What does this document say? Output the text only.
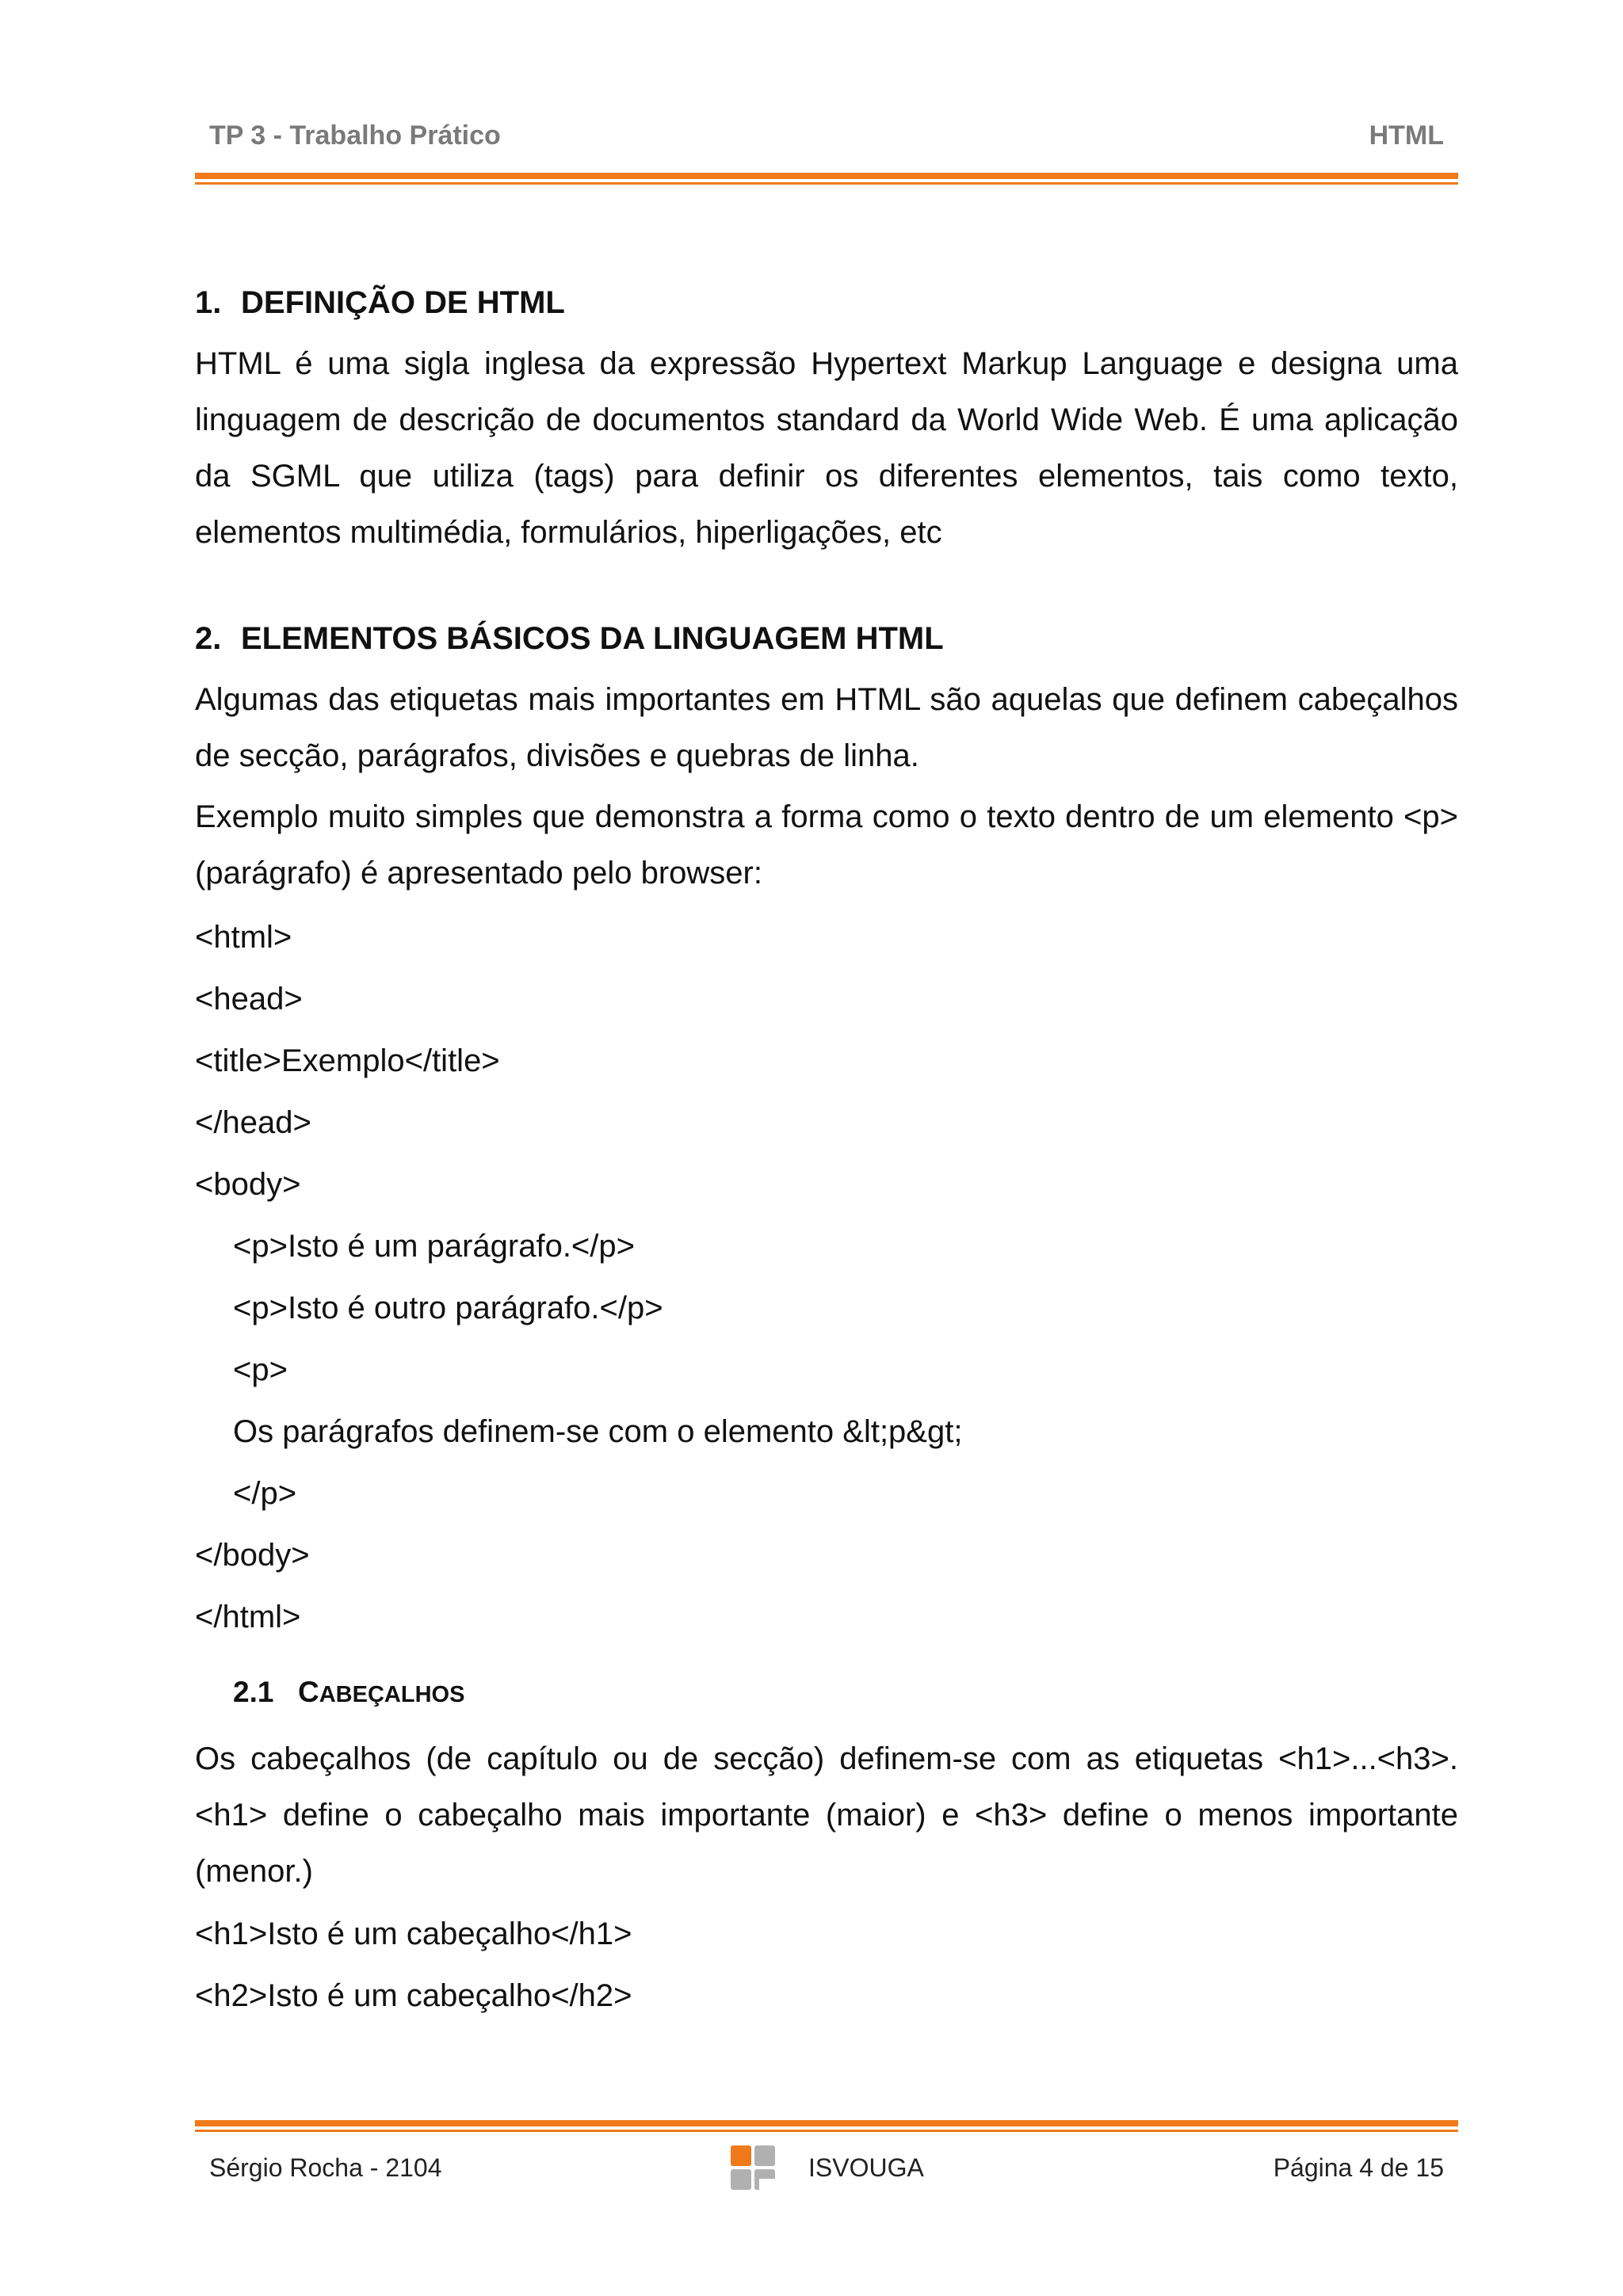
TP 3 - Trabalho Prático	HTML
1. DEFINIÇÃO DE HTML

HTML é uma sigla inglesa da expressão Hypertext Markup Language e designa uma linguagem de descrição de documentos standard da World Wide Web. É uma aplicação da SGML que utiliza (tags) para definir os diferentes elementos, tais como texto, elementos multimédia, formulários, hiperligações, etc

2. ELEMENTOS BÁSICOS DA LINGUAGEM HTML

Algumas das etiquetas mais importantes em HTML são aquelas que definem cabeçalhos de secção, parágrafos, divisões e quebras de linha.

Exemplo muito simples que demonstra a forma como o texto dentro de um elemento <p> (parágrafo) é apresentado pelo browser:

<html>
<head>
<title>Exemplo</title>
</head>
<body>
<p>Isto é um parágrafo.</p>
<p>Isto é outro parágrafo.</p>
<p>
Os parágrafos definem-se com o elemento &lt;p&gt;
</p>
</body>
</html>
2.1 CABEÇALHOS

Os cabeçalhos (de capítulo ou de secção) definem-se com as etiquetas <h1>...<h3>. <h1> define o cabeçalho mais importante (maior) e <h3> define o menos importante (menor.)

<h1>Isto é um cabeçalho</h1>
<h2>Isto é um cabeçalho</h2>
Sérgio Rocha - 2104	ISVOUGA	Página 4 de 15
